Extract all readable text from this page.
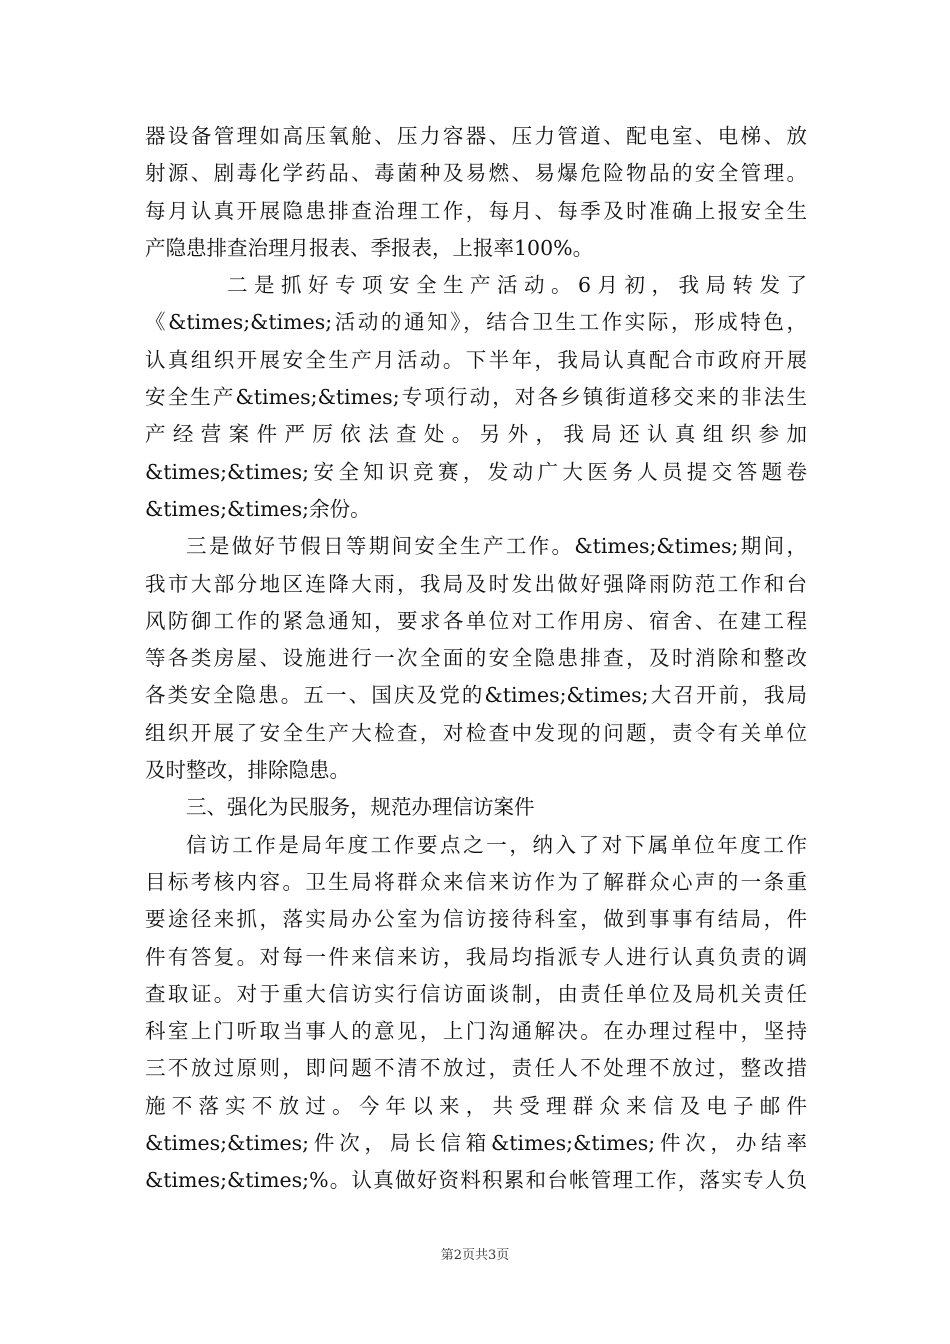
器设备管理如高压氧舱、压力容器、压力管道、配电室、电梯、放
射源、剧毒化学药品、毒菌种及易燃、易爆危险物品的安全管理。
每月认真开展隐患排查治理工作，每月、每季及时准确上报安全生
产隐患排查治理月报表、季报表，上报率100%。
二是抓好专项安全生产活动。6月初，我局转发了
《&times;&times;活动的通知》，结合卫生工作实际，形成特色，
认真组织开展安全生产月活动。下半年，我局认真配合市政府开展
安全生产&times;&times;专项行动，对各乡镇街道移交来的非法生
产经营案件严厉依法查处。另外，我局还认真组织参加
&times;&times;安全知识竞赛，发动广大医务人员提交答题卷
&times;&times;余份。
三是做好节假日等期间安全生产工作。&times;&times;期间，
我市大部分地区连降大雨，我局及时发出做好强降雨防范工作和台
风防御工作的紧急通知，要求各单位对工作用房、宿舍、在建工程
等各类房屋、设施进行一次全面的安全隐患排查，及时消除和整改
各类安全隐患。五一、国庆及党的&times;&times;大召开前，我局
组织开展了安全生产大检查，对检查中发现的问题，责令有关单位
及时整改，排除隐患。
三、强化为民服务，规范办理信访案件
信访工作是局年度工作要点之一，纳入了对下属单位年度工作
目标考核内容。卫生局将群众来信来访作为了解群众心声的一条重
要途径来抓，落实局办公室为信访接待科室，做到事事有结局，件
件有答复。对每一件来信来访，我局均指派专人进行认真负责的调
查取证。对于重大信访实行信访面谈制，由责任单位及局机关责任
科室上门听取当事人的意见，上门沟通解决。在办理过程中，坚持
三不放过原则，即问题不清不放过，责任人不处理不放过，整改措
施不落实不放过。今年以来，共受理群众来信及电子邮件
&times;&times;件次，局长信箱&times;&times;件次，办结率
&times;&times;%。认真做好资料积累和台帐管理工作，落实专人负
第2页共3页
